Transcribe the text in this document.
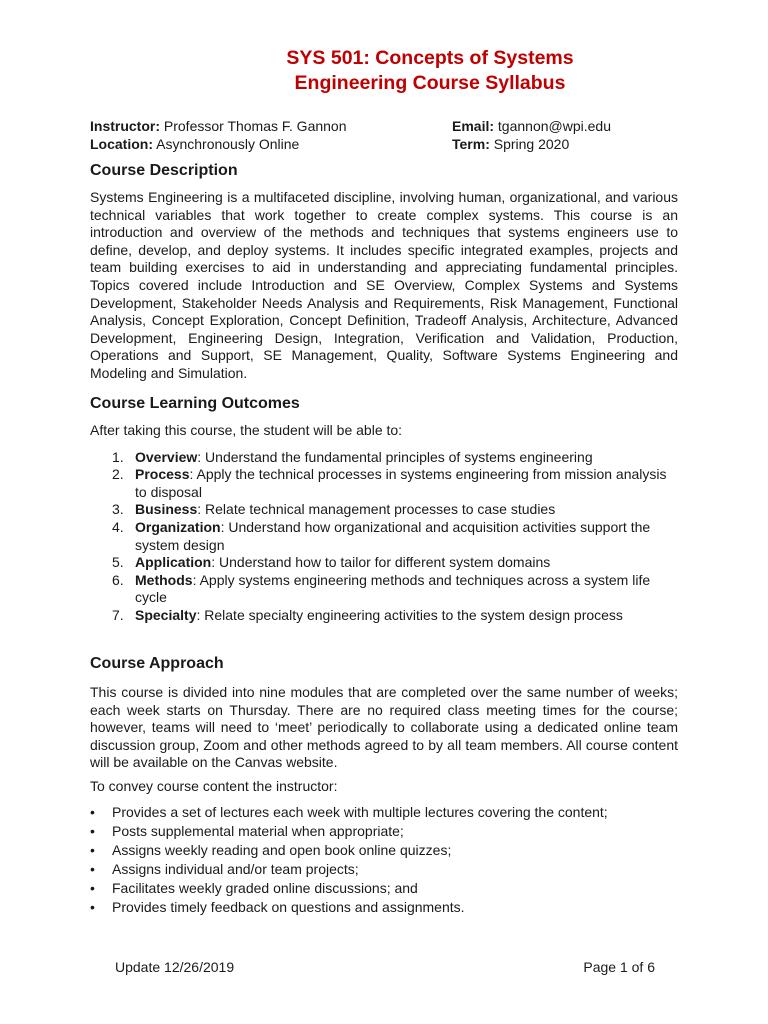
SYS 501: Concepts of Systems
Engineering Course Syllabus
Instructor: Professor Thomas F. Gannon	Email: tgannon@wpi.edu
Location: Asynchronously Online	Term: Spring 2020
Course Description

Systems Engineering is a multifaceted discipline, involving human, organizational, and various technical variables that work together to create complex systems. This course is an introduction and overview of the methods and techniques that systems engineers use to define, develop, and deploy systems. It includes specific integrated examples, projects and team building exercises to aid in understanding and appreciating fundamental principles. Topics covered include Introduction and SE Overview, Complex Systems and Systems Development, Stakeholder Needs Analysis and Requirements, Risk Management, Functional Analysis, Concept Exploration, Concept Definition, Tradeoff Analysis, Architecture, Advanced Development, Engineering Design, Integration, Verification and Validation, Production, Operations and Support, SE Management, Quality, Software Systems Engineering and Modeling and Simulation.

Course Learning Outcomes

After taking this course, the student will be able to:

1. Overview: Understand the fundamental principles of systems engineering
2. Process: Apply the technical processes in systems engineering from mission analysis to disposal
3. Business: Relate technical management processes to case studies
4. Organization: Understand how organizational and acquisition activities support the system design
5. Application: Understand how to tailor for different system domains
6. Methods: Apply systems engineering methods and techniques across a system life cycle
7. Specialty: Relate specialty engineering activities to the system design process
Course Approach

This course is divided into nine modules that are completed over the same number of weeks; each week starts on Thursday. There are no required class meeting times for the course; however, teams will need to ‘meet’ periodically to collaborate using a dedicated online team discussion group, Zoom and other methods agreed to by all team members. All course content will be available on the Canvas website.

To convey course content the instructor:

• Provides a set of lectures each week with multiple lectures covering the content;
• Posts supplemental material when appropriate;
• Assigns weekly reading and open book online quizzes;
• Assigns individual and/or team projects;
• Facilitates weekly graded online discussions; and
• Provides timely feedback on questions and assignments.
Update 12/26/2019	Page 1 of 6
